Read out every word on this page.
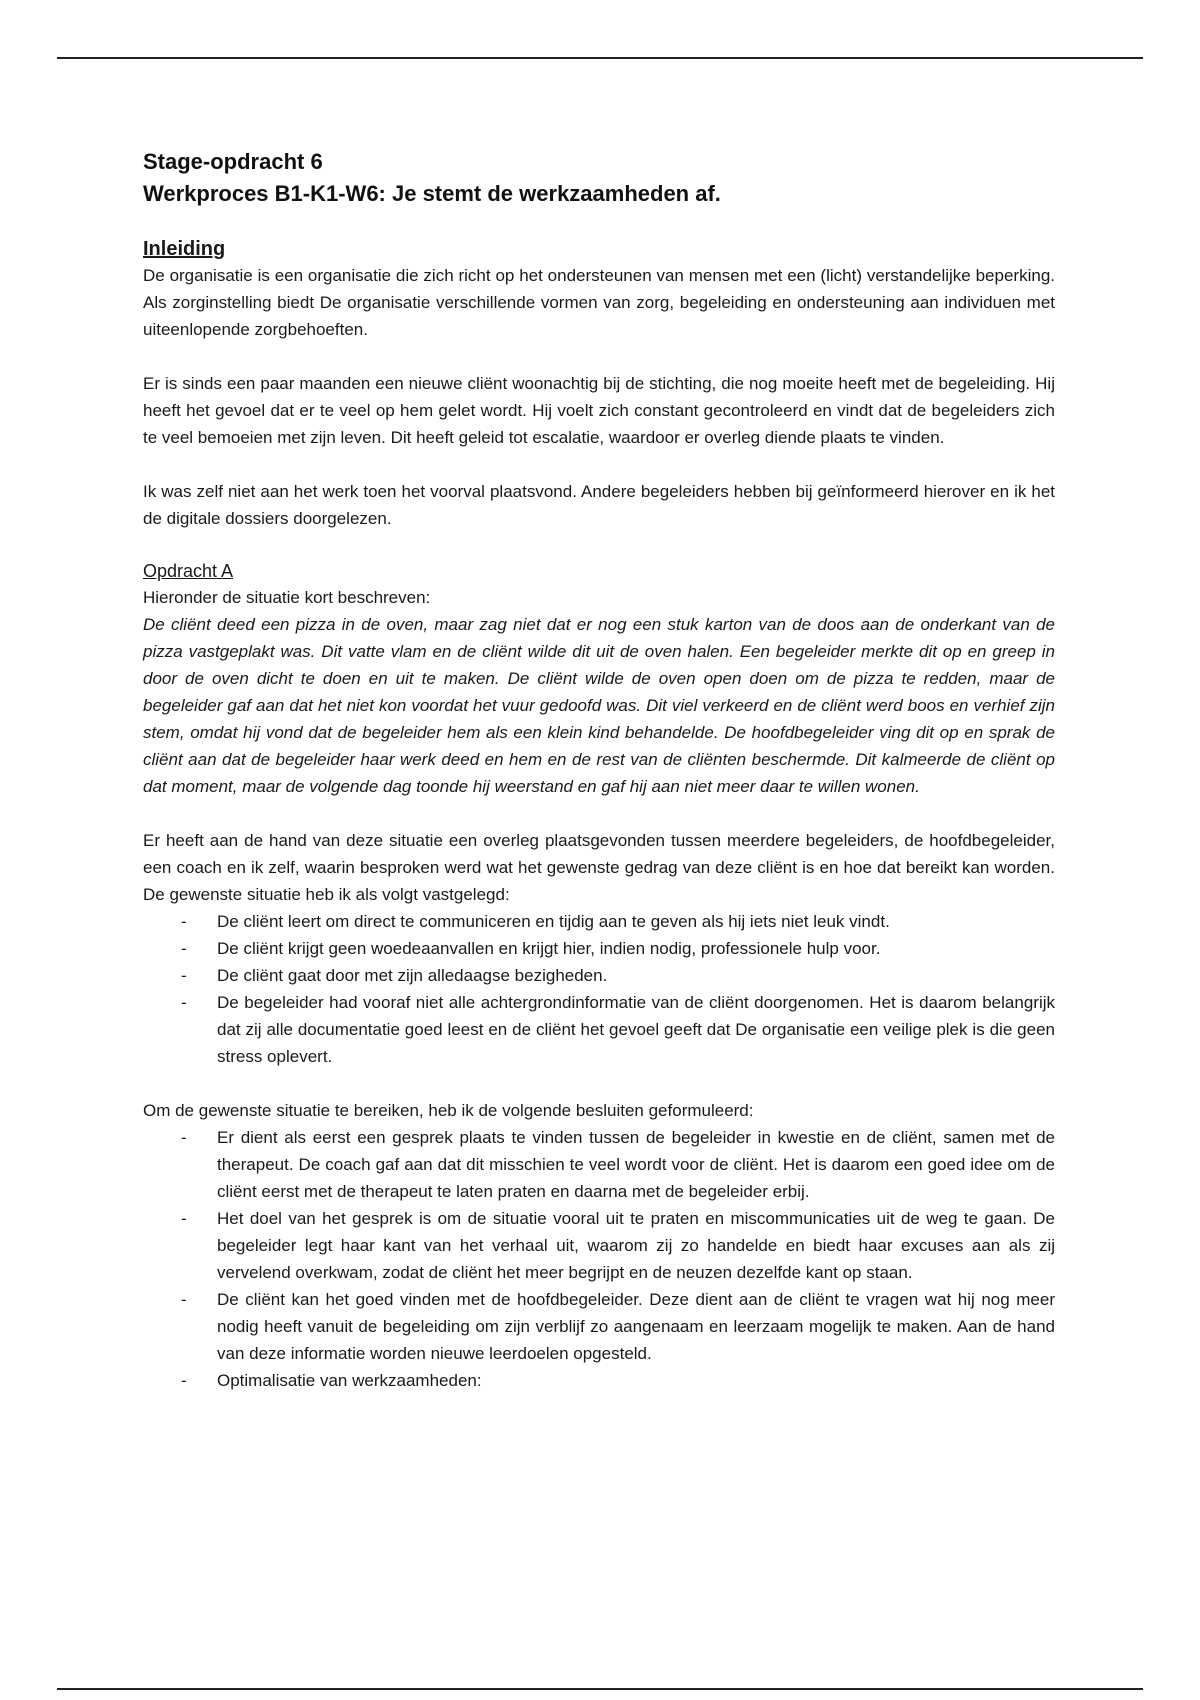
Stage-opdracht 6
Werkproces B1-K1-W6: Je stemt de werkzaamheden af.
Inleiding

De organisatie is een organisatie die zich richt op het ondersteunen van mensen met een (licht) verstandelijke beperking. Als zorginstelling biedt De organisatie verschillende vormen van zorg, begeleiding en ondersteuning aan individuen met uiteenlopende zorgbehoeften.

Er is sinds een paar maanden een nieuwe cliënt woonachtig bij de stichting, die nog moeite heeft met de begeleiding. Hij heeft het gevoel dat er te veel op hem gelet wordt. Hij voelt zich constant gecontroleerd en vindt dat de begeleiders zich te veel bemoeien met zijn leven. Dit heeft geleid tot escalatie, waardoor er overleg diende plaats te vinden.

Ik was zelf niet aan het werk toen het voorval plaatsvond. Andere begeleiders hebben bij geïnformeerd hierover en ik het de digitale dossiers doorgelezen.

Opdracht A

Hieronder de situatie kort beschreven:

De cliënt deed een pizza in de oven, maar zag niet dat er nog een stuk karton van de doos aan de onderkant van de pizza vastgeplakt was. Dit vatte vlam en de cliënt wilde dit uit de oven halen. Een begeleider merkte dit op en greep in door de oven dicht te doen en uit te maken. De cliënt wilde de oven open doen om de pizza te redden, maar de begeleider gaf aan dat het niet kon voordat het vuur gedoofd was. Dit viel verkeerd en de cliënt werd boos en verhief zijn stem, omdat hij vond dat de begeleider hem als een klein kind behandelde. De hoofdbegeleider ving dit op en sprak de cliënt aan dat de begeleider haar werk deed en hem en de rest van de cliënten beschermde. Dit kalmeerde de cliënt op dat moment, maar de volgende dag toonde hij weerstand en gaf hij aan niet meer daar te willen wonen.

Er heeft aan de hand van deze situatie een overleg plaatsgevonden tussen meerdere begeleiders, de hoofdbegeleider, een coach en ik zelf, waarin besproken werd wat het gewenste gedrag van deze cliënt is en hoe dat bereikt kan worden. De gewenste situatie heb ik als volgt vastgelegd:

- De cliënt leert om direct te communiceren en tijdig aan te geven als hij iets niet leuk vindt.
- De cliënt krijgt geen woedeaanvallen en krijgt hier, indien nodig, professionele hulp voor.
- De cliënt gaat door met zijn alledaagse bezigheden.
- De begeleider had vooraf niet alle achtergrondinformatie van de cliënt doorgenomen. Het is daarom belangrijk dat zij alle documentatie goed leest en de cliënt het gevoel geeft dat De organisatie een veilige plek is die geen stress oplevert.

Om de gewenste situatie te bereiken, heb ik de volgende besluiten geformuleerd:

- Er dient als eerst een gesprek plaats te vinden tussen de begeleider in kwestie en de cliënt, samen met de therapeut. De coach gaf aan dat dit misschien te veel wordt voor de cliënt. Het is daarom een goed idee om de cliënt eerst met de therapeut te laten praten en daarna met de begeleider erbij.
- Het doel van het gesprek is om de situatie vooral uit te praten en miscommunicaties uit de weg te gaan. De begeleider legt haar kant van het verhaal uit, waarom zij zo handelde en biedt haar excuses aan als zij vervelend overkwam, zodat de cliënt het meer begrijpt en de neuzen dezelfde kant op staan.
- De cliënt kan het goed vinden met de hoofdbegeleider. Deze dient aan de cliënt te vragen wat hij nog meer nodig heeft vanuit de begeleiding om zijn verblijf zo aangenaam en leerzaam mogelijk te maken. Aan de hand van deze informatie worden nieuwe leerdoelen opgesteld.
- Optimalisatie van werkzaamheden:
